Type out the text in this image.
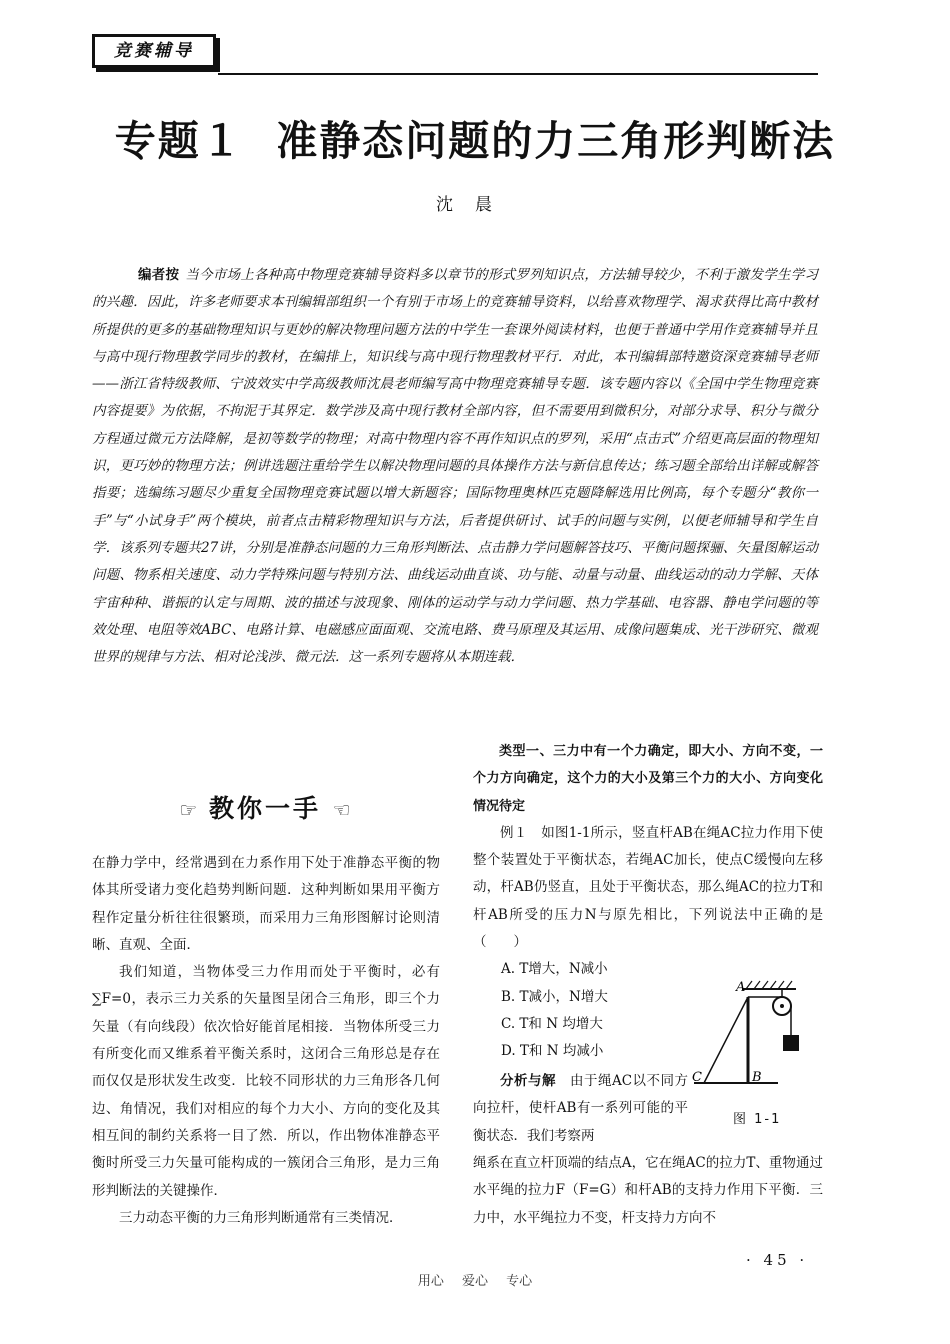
竞赛辅导
专题１  准静态问题的力三角形判断法
沈晨
编者按 当今市场上各种高中物理竞赛辅导资料多以章节的形式罗列知识点，方法辅导较少，不利于激发学生学习的兴趣．因此，许多老师要求本刊编辑部组织一个有别于市场上的竞赛辅导资料，以给喜欢物理学、渴求获得比高中教材所提供的更多的基础物理知识与更妙的解决物理问题方法的中学生一套课外阅读材料，也便于普通中学用作竞赛辅导并且与高中现行物理教学同步的教材，在编排上，知识线与高中现行物理教材平行．对此，本刊编辑部特邀资深竞赛辅导老师——浙江省特级教师、宁波效实中学高级教师沈晨老师编写高中物理竞赛辅导专题．该专题内容以《全国中学生物理竞赛内容提要》为依据，不拘泥于其界定．数学涉及高中现行教材全部内容，但不需要用到微积分，对部分求导、积分与微分方程通过微元方法降解，是初等数学的物理；对高中物理内容不再作知识点的罗列，采用“点击式”介绍更高层面的物理知识，更巧妙的物理方法；例讲选题注重给学生以解决物理问题的具体操作方法与新信息传达；练习题全部给出详解或解答指要；选编练习题尽少重复全国物理竞赛试题以增大新题容；国际物理奥林匹克题降解选用比例高，每个专题分“教你一手”与“小试身手”两个模块，前者点击精彩物理知识与方法，后者提供研讨、试手的问题与实例，以便老师辅导和学生自学．该系列专题共27讲，分别是准静态问题的力三角形判断法、点击静力学问题解答技巧、平衡问题探骊、矢量图解运动问题、物系相关速度、动力学特殊问题与特别方法、曲线运动曲直谈、功与能、动量与动量、曲线运动的动力学解、天体宇宙种种、谐振的认定与周期、波的描述与波现象、刚体的运动学与动力学问题、热力学基础、电容器、静电学问题的等效处理、电阻等效ABC、电路计算、电磁感应面面观、交流电路、费马原理及其运用、成像问题集成、光干涉研究、微观世界的规律与方法、相对论浅涉、微元法．这一系列专题将从本期连载．
☞ 教你一手 ☜

在静力学中，经常遇到在力系作用下处于准静态平衡的物体其所受诸力变化趋势判断问题．这种判断如果用平衡方程作定量分析往往很繁琐，而采用力三角形图解讨论则清晰、直观、全面．

我们知道，当物体受三力作用而处于平衡时，必有∑F=0，表示三力关系的矢量图呈闭合三角形，即三个力矢量（有向线段）依次恰好能首尾相接．当物体所受三力有所变化而又维系着平衡关系时，这闭合三角形总是存在而仅仅是形状发生改变．比较不同形状的力三角形各几何边、角情况，我们对相应的每个力大小、方向的变化及其相互间的制约关系将一目了然．所以，作出物体准静态平衡时所受三力矢量可能构成的一簇闭合三角形，是力三角形判断法的关键操作．

三力动态平衡的力三角形判断通常有三类情况．

类型一、三力中有一个力确定，即大小、方向不变，一个力方向确定，这个力的大小及第三个力的大小、方向变化情况待定

例１　如图1-1所示，竖直杆AB在绳AC拉力作用下使整个装置处于平衡状态，若绳AC加长，使点C缓慢向左移动，杆AB仍竖直，且处于平衡状态，那么绳AC的拉力T和杆AB所受的压力N与原先相比，下列说法中正确的是（　　）

A. T增大，N减小

B. T减小，N增大

C. T和 N 均增大

D. T和 N 均减小

分析与解　 由于绳AC以不同方向拉杆，使杆AB有一系列可能的平衡状态．我们考察两

绳系在直立杆顶端的结点A，它在绳AC的拉力T、重物通过水平绳的拉力F（F=G）和杆AB的支持力作用下平衡．三力中，水平绳拉力不变，杆支持力方向不

A
B
C
图 1-1
· 45 ·
用心 爱心 专心
